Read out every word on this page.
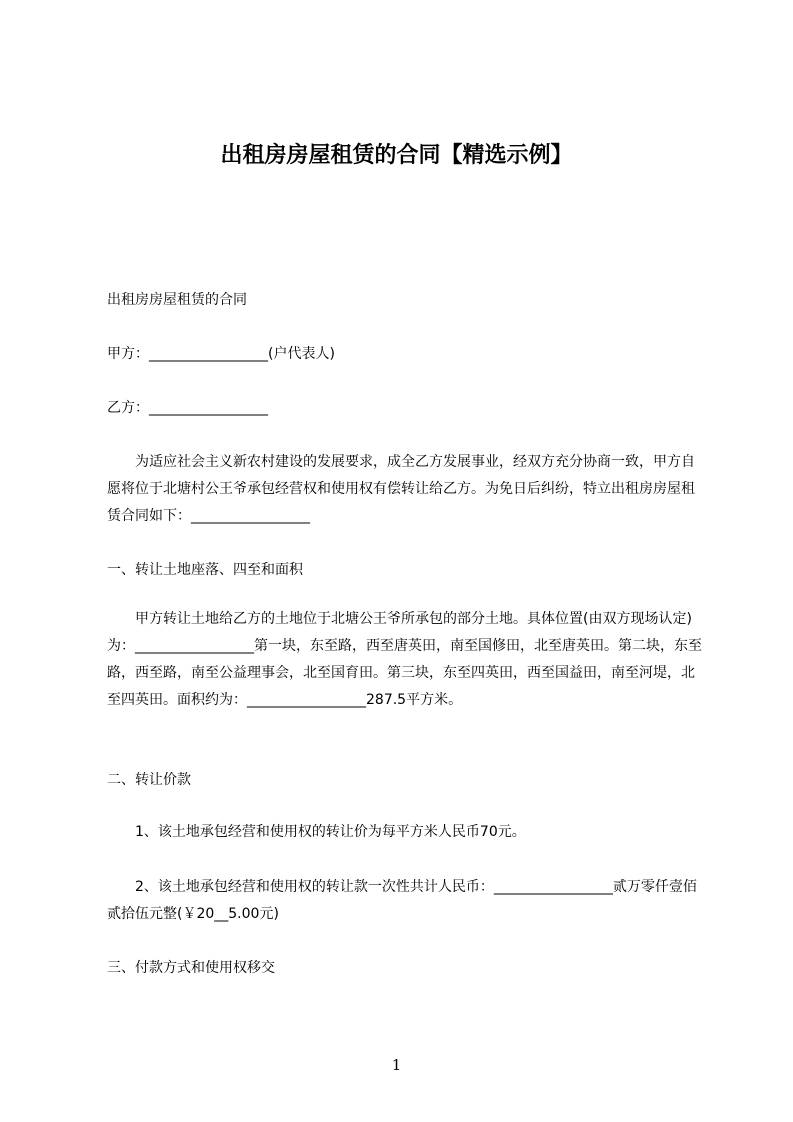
出租房房屋租赁的合同【精选示例】

出租房房屋租赁的合同

甲方：_________________(户代表人)

乙方：_________________

为适应社会主义新农村建设的发展要求，成全乙方发展事业，经双方充分协商一致，甲方自愿将位于北塘村公王爷承包经营权和使用权有偿转让给乙方。为免日后纠纷，特立出租房房屋租赁合同如下：_________________

一、转让土地座落、四至和面积

甲方转让土地给乙方的土地位于北塘公王爷所承包的部分土地。具体位置(由双方现场认定)为：_________________第一块，东至路，西至唐英田，南至国修田，北至唐英田。第二块，东至路，西至路，南至公益理事会，北至国育田。第三块，东至四英田，西至国益田，南至河堤，北至四英田。面积约为：_________________287.5平方米。

二、转让价款

1、该土地承包经营和使用权的转让价为每平方米人民币70元。

2、该土地承包经营和使用权的转让款一次性共计人民币：_________________贰万零仟壹佰贰拾伍元整(￥20__5.00元)

三、付款方式和使用权移交

1
